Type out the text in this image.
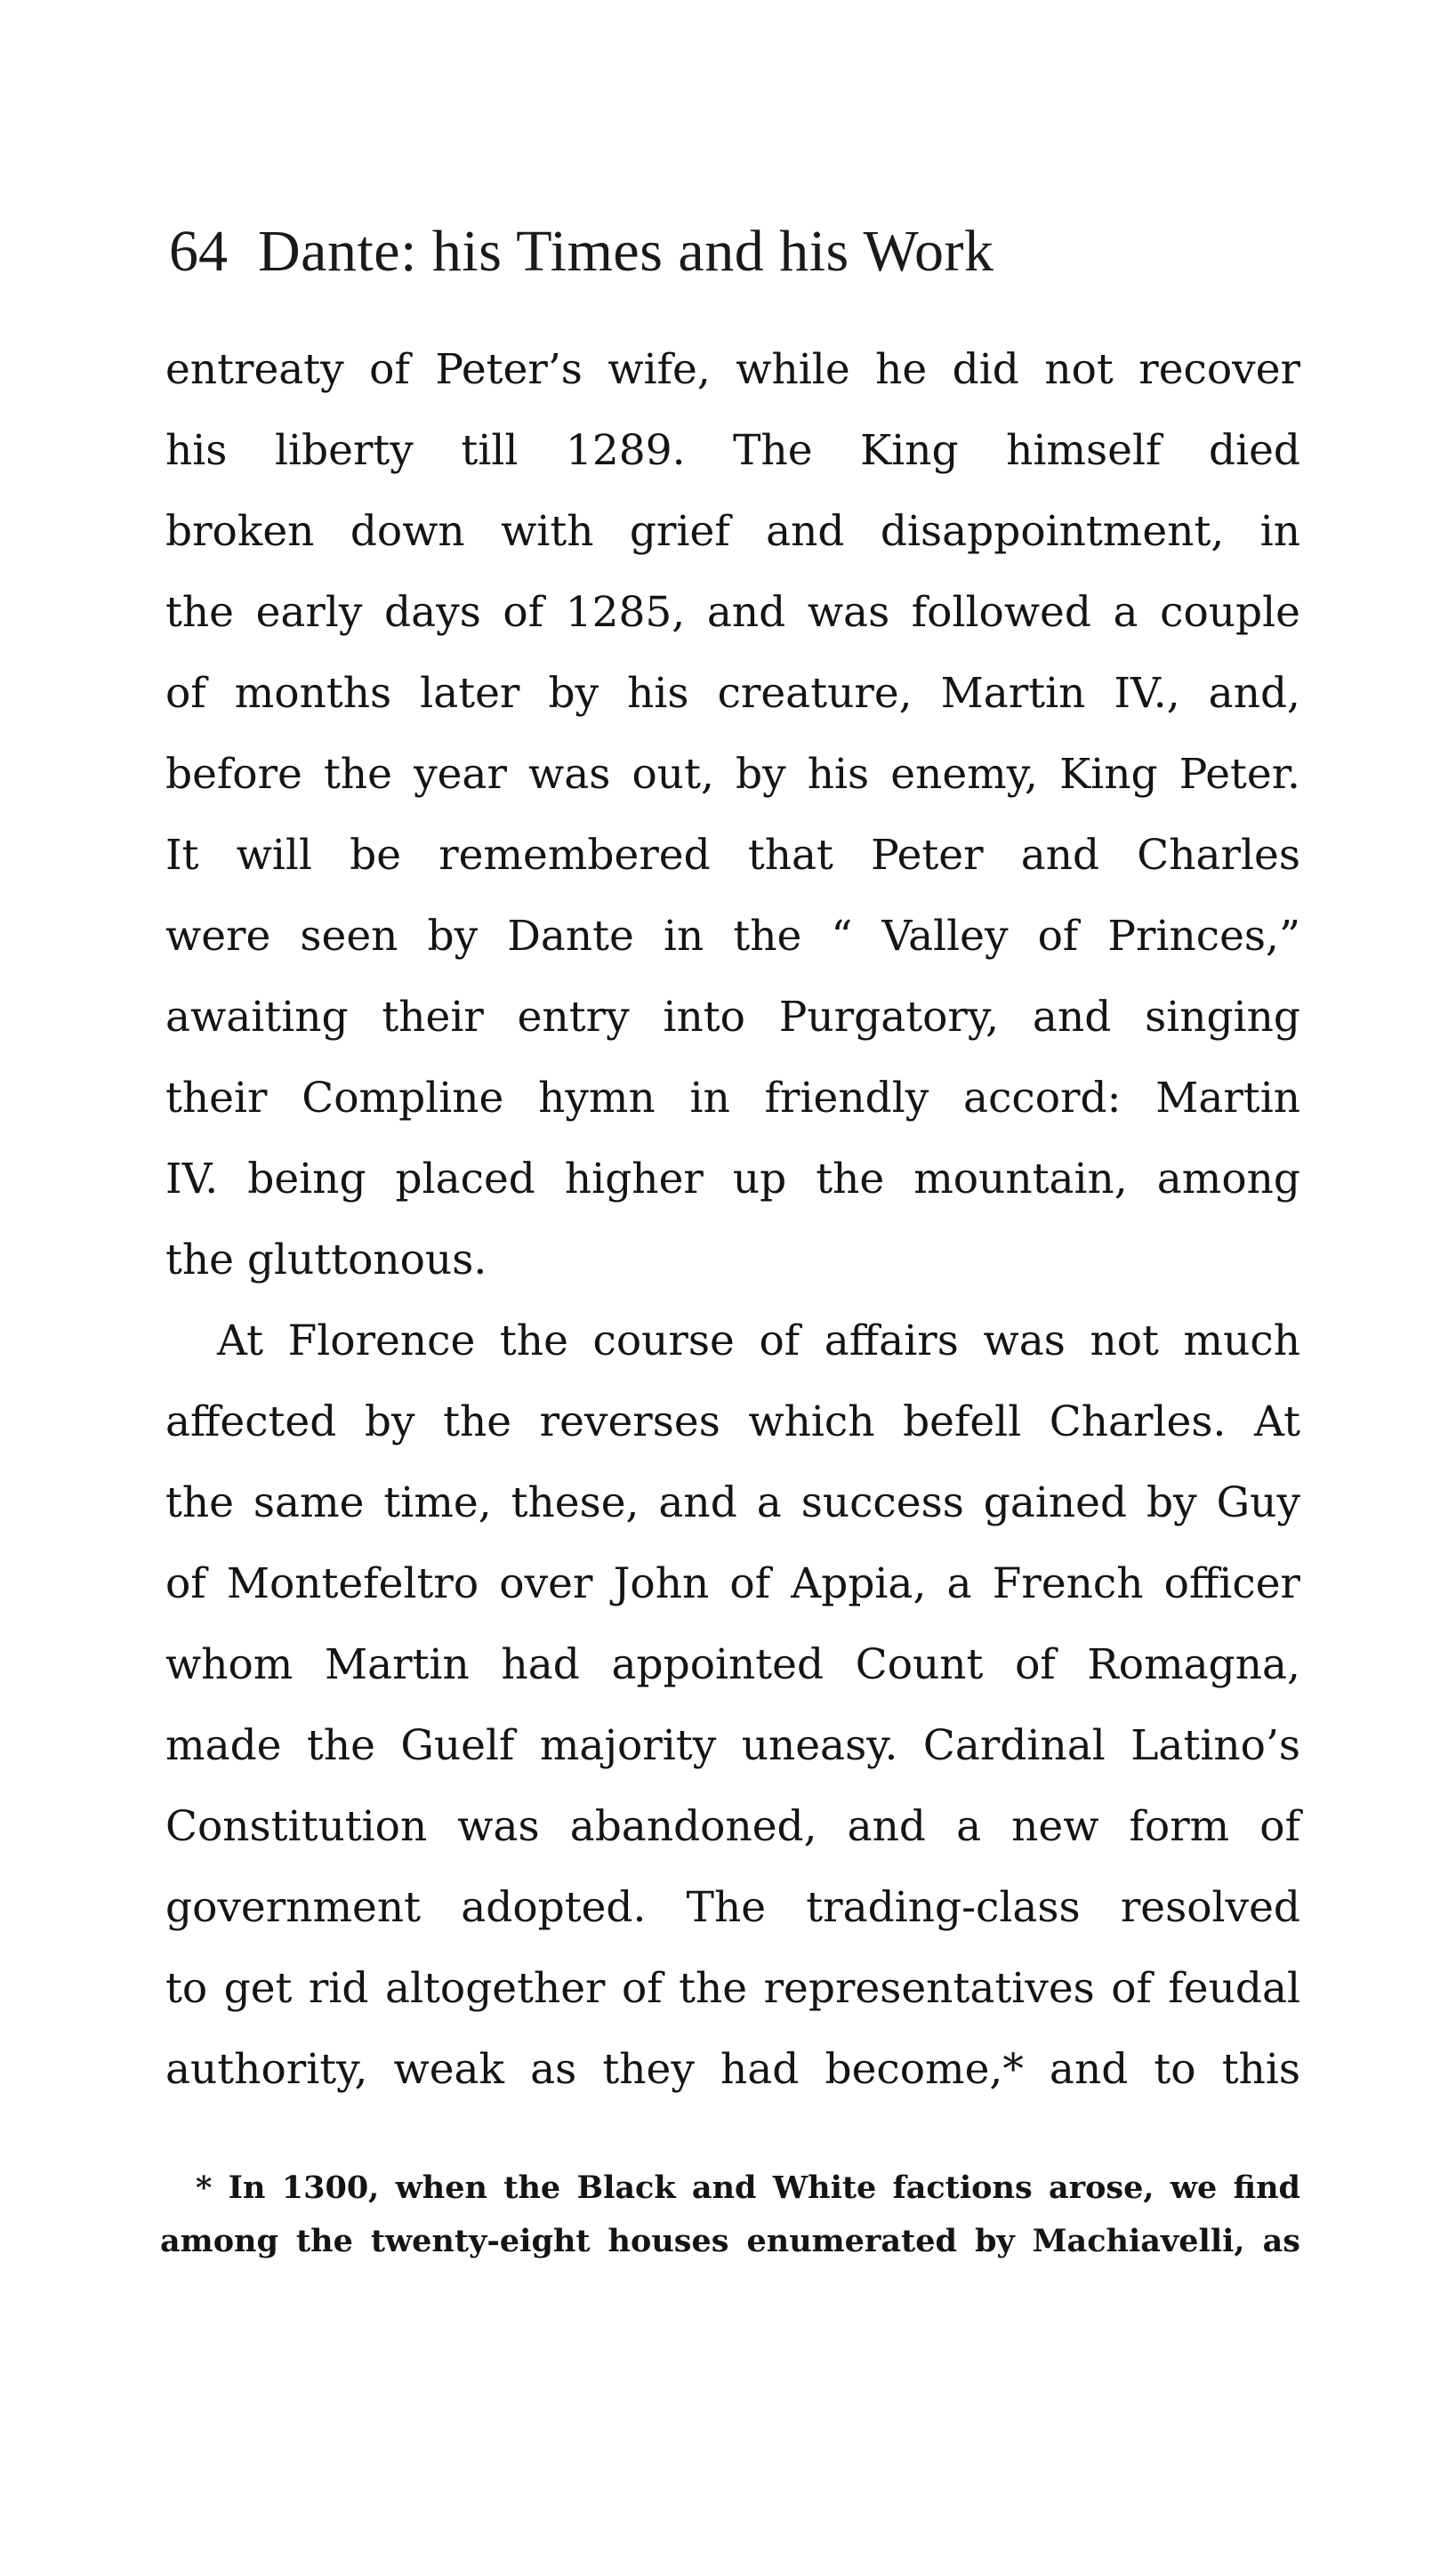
64 Dante: his Times and his Work
entreaty of Peter’s wife, while he did not recover
his liberty till 1289. The King himself died
broken down with grief and disappointment, in
the early days of 1285, and was followed a couple
of months later by his creature, Martin IV., and,
before the year was out, by his enemy, King Peter.
It will be remembered that Peter and Charles
were seen by Dante in the “ Valley of Princes,”
awaiting their entry into Purgatory, and singing
their Compline hymn in friendly accord: Martin
IV. being placed higher up the mountain, among
the gluttonous.
At Florence the course of affairs was not much
affected by the reverses which befell Charles. At
the same time, these, and a success gained by Guy
of Montefeltro over John of Appia, a French officer
whom Martin had appointed Count of Romagna,
made the Guelf majority uneasy. Cardinal Latino’s
Constitution was abandoned, and a new form of
government adopted. The trading-class resolved
to get rid altogether of the representatives of feudal
authority, weak as they had become,* and to this
* In 1300, when the Black and White factions arose, we find
among the twenty-eight houses enumerated by Machiavelli, as
